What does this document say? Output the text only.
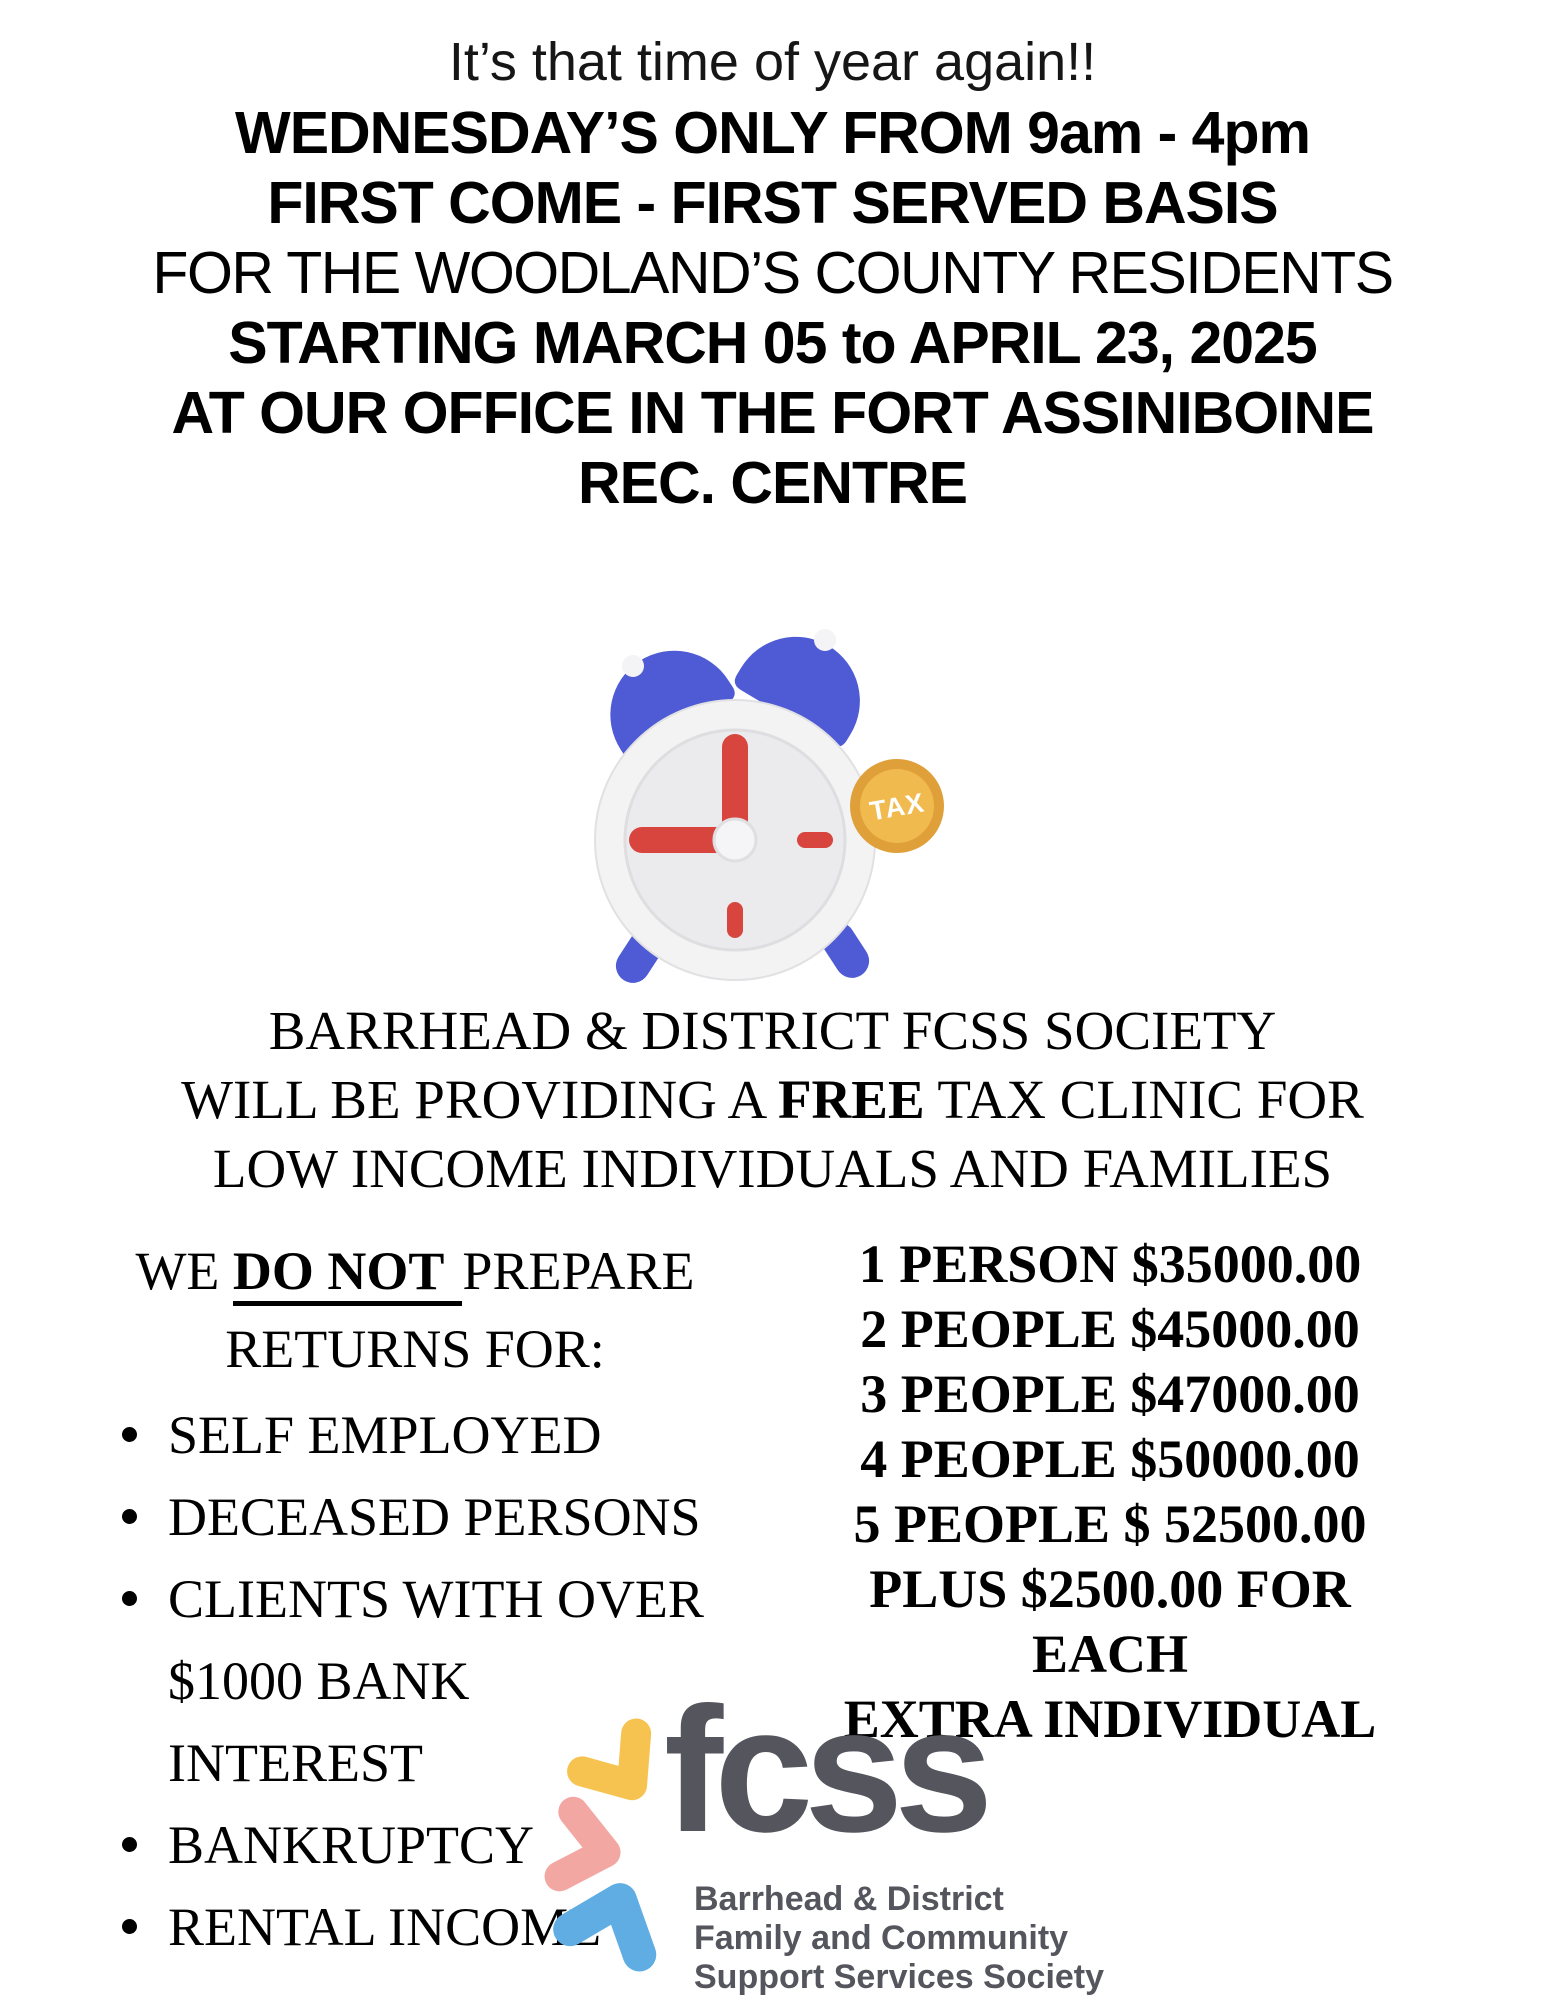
It’s that time of year again!!
WEDNESDAY’S ONLY FROM 9am - 4pm
FIRST COME - FIRST SERVED BASIS
FOR THE WOODLAND’S COUNTY RESIDENTS
STARTING MARCH 05 to APRIL 23, 2025
AT OUR OFFICE IN THE FORT ASSINIBOINE
REC. CENTRE
TAX
BARRHEAD & DISTRICT FCSS SOCIETY
WILL BE PROVIDING A FREE TAX CLINIC FOR
LOW INCOME INDIVIDUALS AND FAMILIES
WE DO NOT PREPARE
RETURNS FOR:
SELF EMPLOYED
DECEASED PERSONS
CLIENTS WITH OVER
$1000 BANK INTEREST
BANKRUPTCY
RENTAL INCOME
1 PERSON $35000.00
2 PEOPLE $45000.00
3 PEOPLE $47000.00
4 PEOPLE $50000.00
5 PEOPLE $ 52500.00
PLUS $2500.00 FOR EACH
EXTRA INDIVIDUAL
fcss
Barrhead & District
Family and Community
Support Services Society
